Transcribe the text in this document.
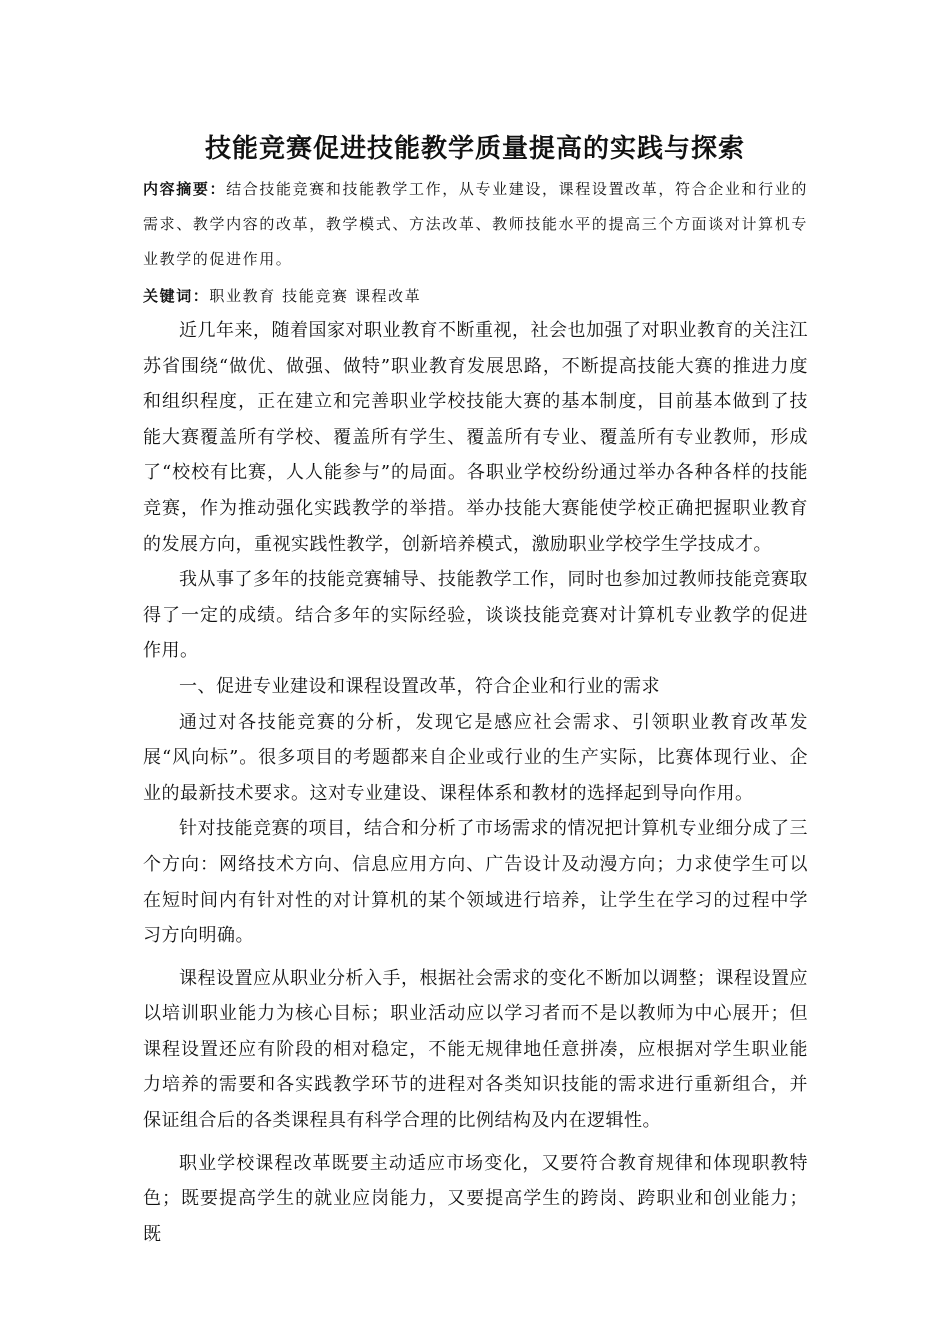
技能竞赛促进技能教学质量提高的实践与探索

内容摘要：结合技能竞赛和技能教学工作，从专业建设，课程设置改革，符合企业和行业的需求、教学内容的改革，教学模式、方法改革、教师技能水平的提高三个方面谈对计算机专业教学的促进作用。

关键词：职业教育 技能竞赛 课程改革

近几年来，随着国家对职业教育不断重视，社会也加强了对职业教育的关注江苏省围绕“做优、做强、做特”职业教育发展思路，不断提高技能大赛的推进力度和组织程度，正在建立和完善职业学校技能大赛的基本制度，目前基本做到了技能大赛覆盖所有学校、覆盖所有学生、覆盖所有专业、覆盖所有专业教师，形成了“校校有比赛，人人能参与”的局面。各职业学校纷纷通过举办各种各样的技能竞赛，作为推动强化实践教学的举措。举办技能大赛能使学校正确把握职业教育的发展方向，重视实践性教学，创新培养模式，激励职业学校学生学技成才。

我从事了多年的技能竞赛辅导、技能教学工作，同时也参加过教师技能竞赛取得了一定的成绩。结合多年的实际经验，谈谈技能竞赛对计算机专业教学的促进作用。

一、促进专业建设和课程设置改革，符合企业和行业的需求

通过对各技能竞赛的分析，发现它是感应社会需求、引领职业教育改革发展“风向标”。很多项目的考题都来自企业或行业的生产实际，比赛体现行业、企业的最新技术要求。这对专业建设、课程体系和教材的选择起到导向作用。

针对技能竞赛的项目，结合和分析了市场需求的情况把计算机专业细分成了三个方向：网络技术方向、信息应用方向、广告设计及动漫方向；力求使学生可以在短时间内有针对性的对计算机的某个领域进行培养，让学生在学习的过程中学习方向明确。

课程设置应从职业分析入手，根据社会需求的变化不断加以调整；课程设置应以培训职业能力为核心目标；职业活动应以学习者而不是以教师为中心展开；但课程设置还应有阶段的相对稳定，不能无规律地任意拼凑，应根据对学生职业能力培养的需要和各实践教学环节的进程对各类知识技能的需求进行重新组合，并保证组合后的各类课程具有科学合理的比例结构及内在逻辑性。

职业学校课程改革既要主动适应市场变化，又要符合教育规律和体现职教特色；既要提高学生的就业应岗能力，又要提高学生的跨岗、跨职业和创业能力；既
